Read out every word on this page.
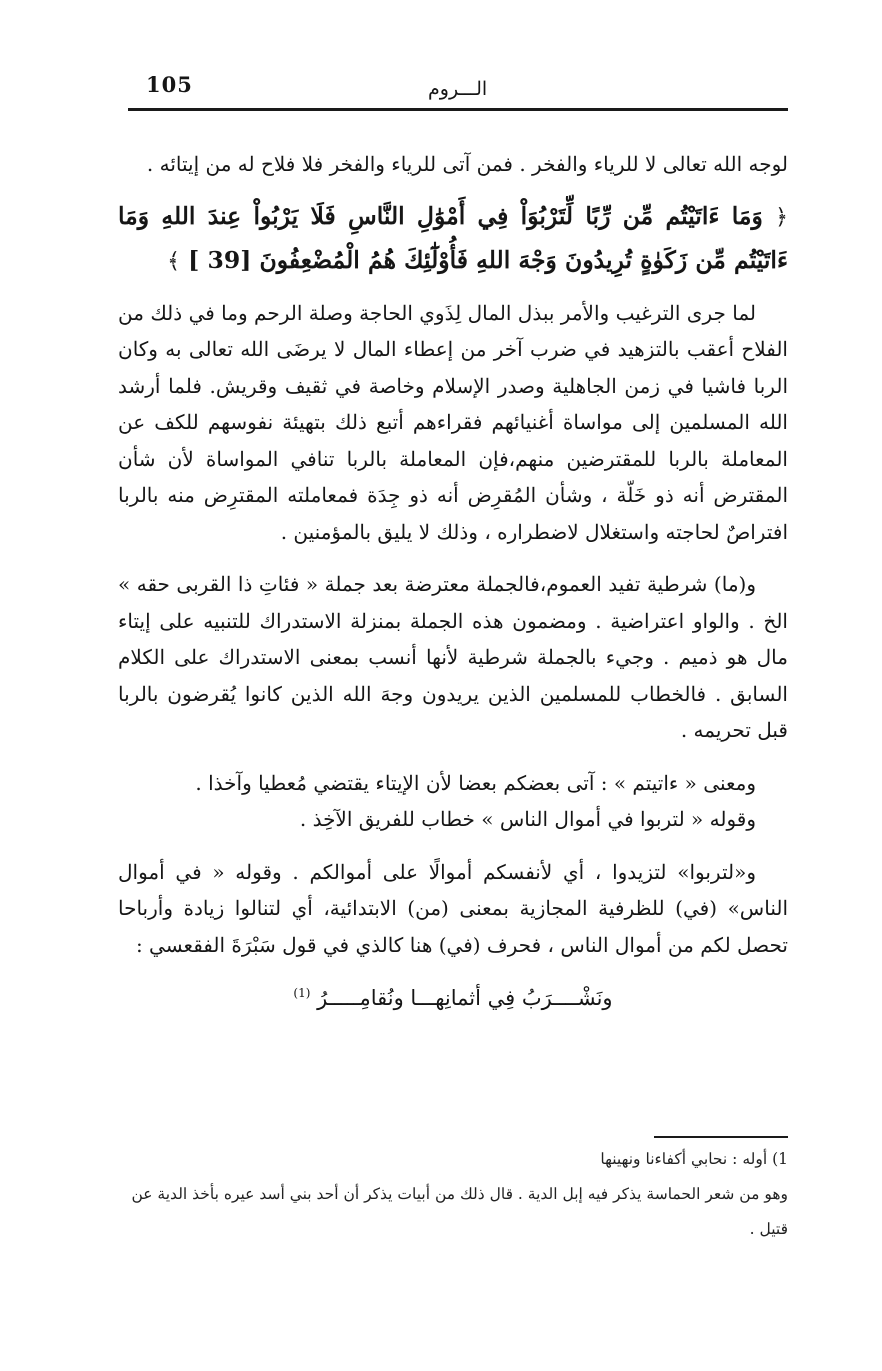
105	الـــروم

لوجه الله تعالى لا للرياء والفخر . فمن آتى للرياء والفخر فلا فلاح له من إيتائه .

﴿ وَمَا ءَاتَيْتُم مِّن رِّبًا لِّتَرْبُوَاْ فِي أَمْوَٰلِ النَّاسِ فَلَا يَرْبُواْ عِندَ اللهِ وَمَا ءَاتَيْتُم مِّن زَكَوٰةٍ تُرِيدُونَ وَجْهَ اللهِ فَأُوْلَٰٓئِكَ هُمُ الْمُضْعِفُونَ [39 ] ﴾

لما جرى الترغيب والأمر ببذل المال لِذَوي الحاجة وصلة الرحم وما في ذلك من الفلاح أعقب بالتزهيد في ضرب آخر من إعطاء المال لا يرضَى الله تعالى به وكان الربا فاشيا في زمن الجاهلية وصدر الإسلام وخاصة في ثقيف وقريش. فلما أرشد الله المسلمين إلى مواساة أغنيائهم فقراءهم أتبع ذلك بتهيئة نفوسهم للكف عن المعاملة بالربا للمقترضين منهم،فإن المعاملة بالربا تنافي المواساة لأن شأن المقترض أنه ذو خَلّة ، وشأن المُقرِض أنه ذو جِدَة فمعاملته المقترِض منه بالربا افتراصٌ لحاجته واستغلال لاضطراره ، وذلك لا يليق بالمؤمنين .

و(ما) شرطية تفيد العموم،فالجملة معترضة بعد جملة « فئاتِ ذا القربى حقه » الخ . والواو اعتراضية . ومضمون هذه الجملة بمنزلة الاستدراك للتنبيه على إيتاء مال هو ذميم . وجيء بالجملة شرطية لأنها أنسب بمعنى الاستدراك على الكلام السابق . فالخطاب للمسلمين الذين يريدون وجهَ الله الذين كانوا يُقرضون بالربا قبل تحريمه .

ومعنى « ءاتيتم » : آتى بعضكم بعضا لأن الإيتاء يقتضي مُعطيا وآخذا .

وقوله « لتربوا في أموال الناس » خطاب للفريق الآخِذ .

و«لتربوا» لتزيدوا ، أي لأنفسكم أموالًا على أموالكم . وقوله « في أموال الناس» (في) للظرفية المجازية بمعنى (من) الابتدائية، أي لتنالوا زيادة وأرباحا تحصل لكم من أموال الناس ، فحرف (في) هنا كالذي في قول سَبْرَةَ الفقعسي :

ونَشْــــرَبُ فِي أثمانِهـــا ونُقامِـــــرُ $^{(1)}$

1) أوله : نحابي أكفاءنا ونهينها

وهو من شعر الحماسة يذكر فيه إبل الدية . قال ذلك من أبيات يذكر أن أحد بني أسد عيره بأخذ الدية عن قتيل .
